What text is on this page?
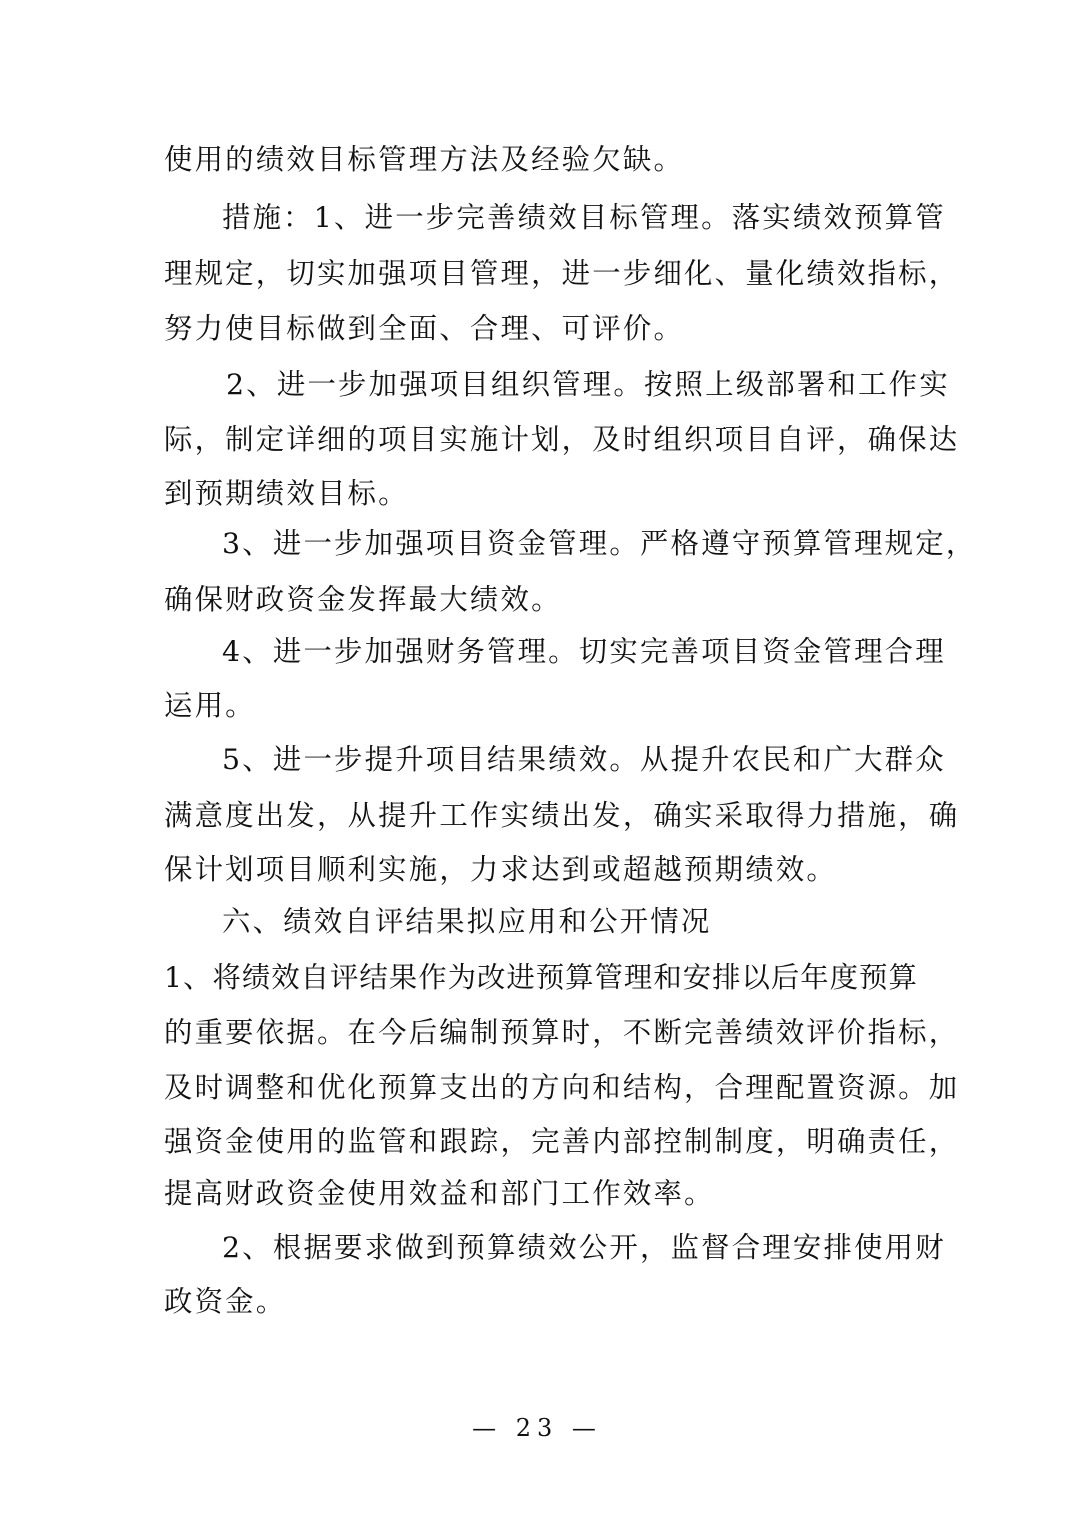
使用的绩效目标管理方法及经验欠缺。
措施：1、进一步完善绩效目标管理。落实绩效预算管
理规定，切实加强项目管理，进一步细化、量化绩效指标，
努力使目标做到全面、合理、可评价。
2、进一步加强项目组织管理。按照上级部署和工作实
际，制定详细的项目实施计划，及时组织项目自评，确保达
到预期绩效目标。
3、进一步加强项目资金管理。严格遵守预算管理规定，
确保财政资金发挥最大绩效。
4、进一步加强财务管理。切实完善项目资金管理合理
运用。
5、进一步提升项目结果绩效。从提升农民和广大群众
满意度出发，从提升工作实绩出发，确实采取得力措施，确
保计划项目顺利实施，力求达到或超越预期绩效。
六、绩效自评结果拟应用和公开情况
1、将绩效自评结果作为改进预算管理和安排以后年度预算
的重要依据。在今后编制预算时，不断完善绩效评价指标，
及时调整和优化预算支出的方向和结构，合理配置资源。加
强资金使用的监管和跟踪，完善内部控制制度，明确责任，
提高财政资金使用效益和部门工作效率。
2、根据要求做到预算绩效公开，监督合理安排使用财
政资金。
— 23 —
